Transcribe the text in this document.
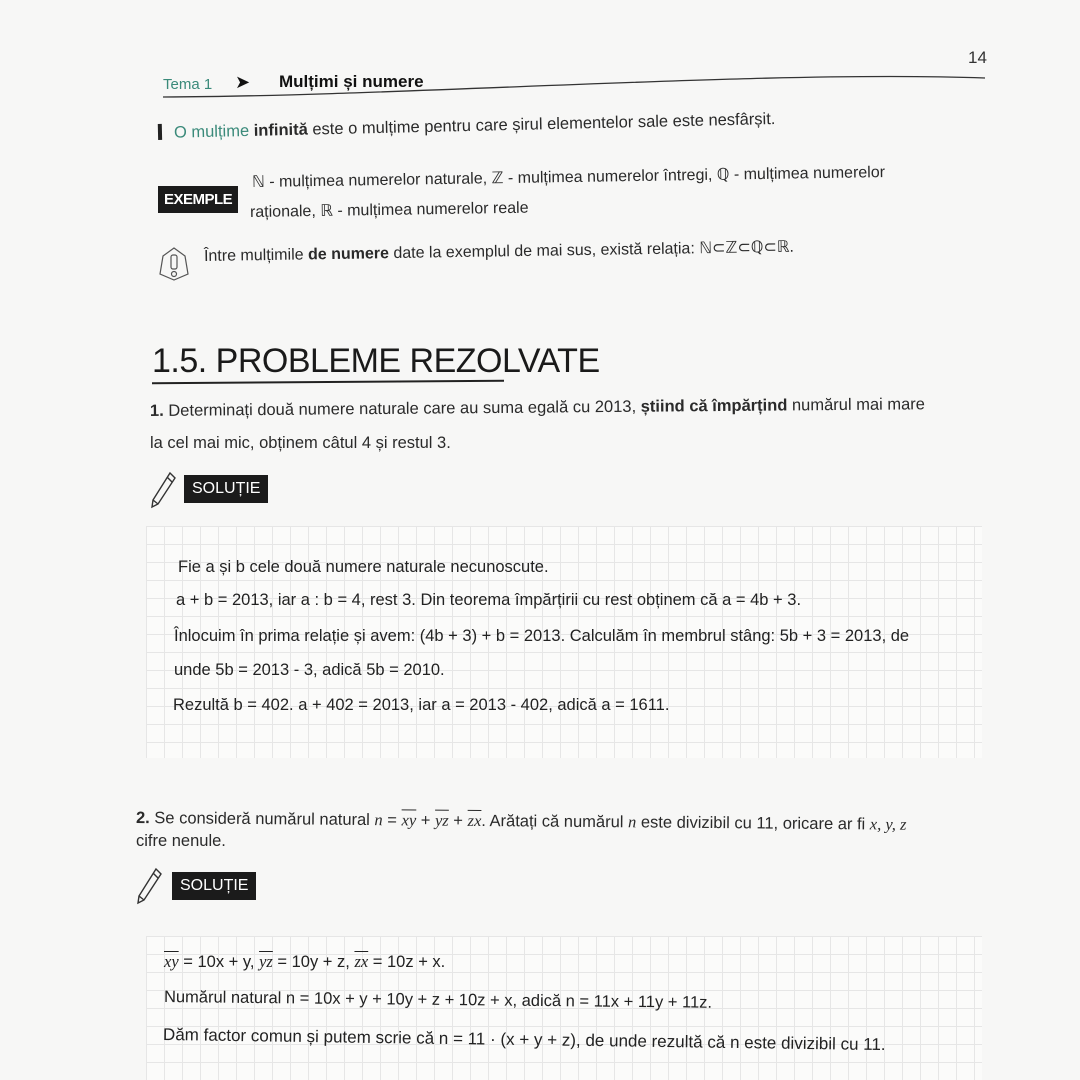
14
Tema 1 ➤ Mulțimi și numere
O mulțime infinită este o mulțime pentru care șirul elementelor sale este nesfârșit.
EXEMPLE
ℕ - mulțimea numerelor naturale, ℤ - mulțimea numerelor întregi, ℚ - mulțimea numerelor
raționale, ℝ - mulțimea numerelor reale
Între mulțimile de numere date la exemplul de mai sus, există relația: ℕ⊂ℤ⊂ℚ⊂ℝ.
1.5. PROBLEME REZOLVATE
1. Determinați două numere naturale care au suma egală cu 2013, știind că împărțind numărul mai mare
la cel mai mic, obținem câtul 4 și restul 3.
SOLUȚIE
Fie a și b cele două numere naturale necunoscute.
a + b = 2013, iar a : b = 4, rest 3. Din teorema împărțirii cu rest obținem că a = 4b + 3.
Înlocuim în prima relație și avem: (4b + 3) + b = 2013. Calculăm în membrul stâng: 5b + 3 = 2013, de
unde 5b = 2013 - 3, adică 5b = 2010.
Rezultă b = 402. a + 402 = 2013, iar a = 2013 - 402, adică a = 1611.
2. Se consideră numărul natural $n = \overline{xy} + \overline{yz} + \overline{zx}$. Arătați că numărul n este divizibil cu 11, oricare ar fi x, y, z
cifre nenule.
SOLUȚIE
$\overline{xy} = 10x + y$, $\overline{yz} = 10y + z$, $\overline{zx} = 10z + x$.
Numărul natural n = 10x + y + 10y + z + 10z + x, adică n = 11x + 11y + 11z.
Dăm factor comun și putem scrie că n = 11 · (x + y + z), de unde rezultă că n este divizibil cu 11.
